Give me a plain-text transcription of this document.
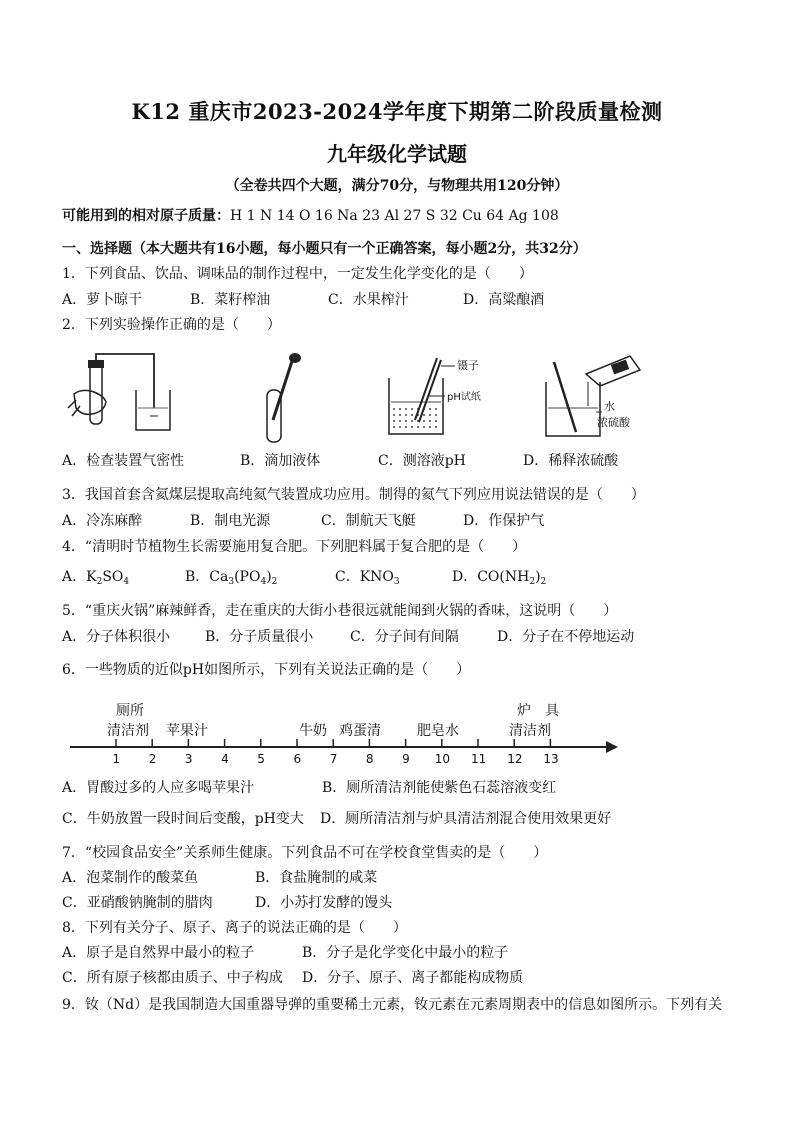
K12 重庆市2023-2024学年度下期第二阶段质量检测
九年级化学试题
（全卷共四个大题，满分70分，与物理共用120分钟）
可能用到的相对原子质量：H 1 N 14 O 16 Na 23 Al 27 S 32 Cu 64 Ag 108
一、选择题（本大题共有16小题，每小题只有一个正确答案，每小题2分，共32分）
1．下列食品、饮品、调味品的制作过程中，一定发生化学变化的是（　　）
A．萝卜晾干	B．菜籽榨油	C．水果榨汁	D．高粱酿酒
2．下列实验操作正确的是（　　）
镊子
pH试纸
水
浓硫酸
A．检查装置气密性	B．滴加液体	C．测溶液pH	D．稀释浓硫酸
3．我国首套含氦煤层提取高纯氦气装置成功应用。制得的氦气下列应用说法错误的是（　　）
A．冷冻麻醉	B．制电光源	C．制航天飞艇	D．作保护气
4．“清明时节植物生长需要施用复合肥。下列肥料属于复合肥的是（　　）
A．$K_2SO_4$	B．$Ca_3(PO_4)_2$	C．$KNO_3$	D．$CO(NH_2)_2$
5．“重庆火锅”麻辣鲜香，走在重庆的大街小巷很远就能闻到火锅的香味，这说明（　　）
A．分子体积很小 B．分子质量很小	C．分子间有间隔	D．分子在不停地运动
6．一些物质的近似pH如图所示，下列有关说法正确的是（　　）
厕所
清洁剂 苹果汁	牛奶 鸡蛋清	肥皂水
炉　具
清洁剂
1 2 3 4 5 6 7 8 9 10 11 12 13
A．胃酸过多的人应多喝苹果汁	B．厕所清洁剂能使紫色石蕊溶液变红
C．牛奶放置一段时间后变酸，pH变大 D．厕所清洁剂与炉具清洁剂混合使用效果更好
7．“校园食品安全”关系师生健康。下列食品不可在学校食堂售卖的是（　　）
A．泡菜制作的酸菜鱼	B．食盐腌制的咸菜
C．亚硝酸钠腌制的腊肉	D．小苏打发酵的馒头
8．下列有关分子、原子、离子的说法正确的是（　　）
A．原子是自然界中最小的粒子	B．分子是化学变化中最小的粒子
C．所有原子核都由质子、中子构成 D．分子、原子、离子都能构成物质
9．钕（Nd）是我国制造大国重器导弹的重要稀土元素，钕元素在元素周期表中的信息如图所示。下列有关
